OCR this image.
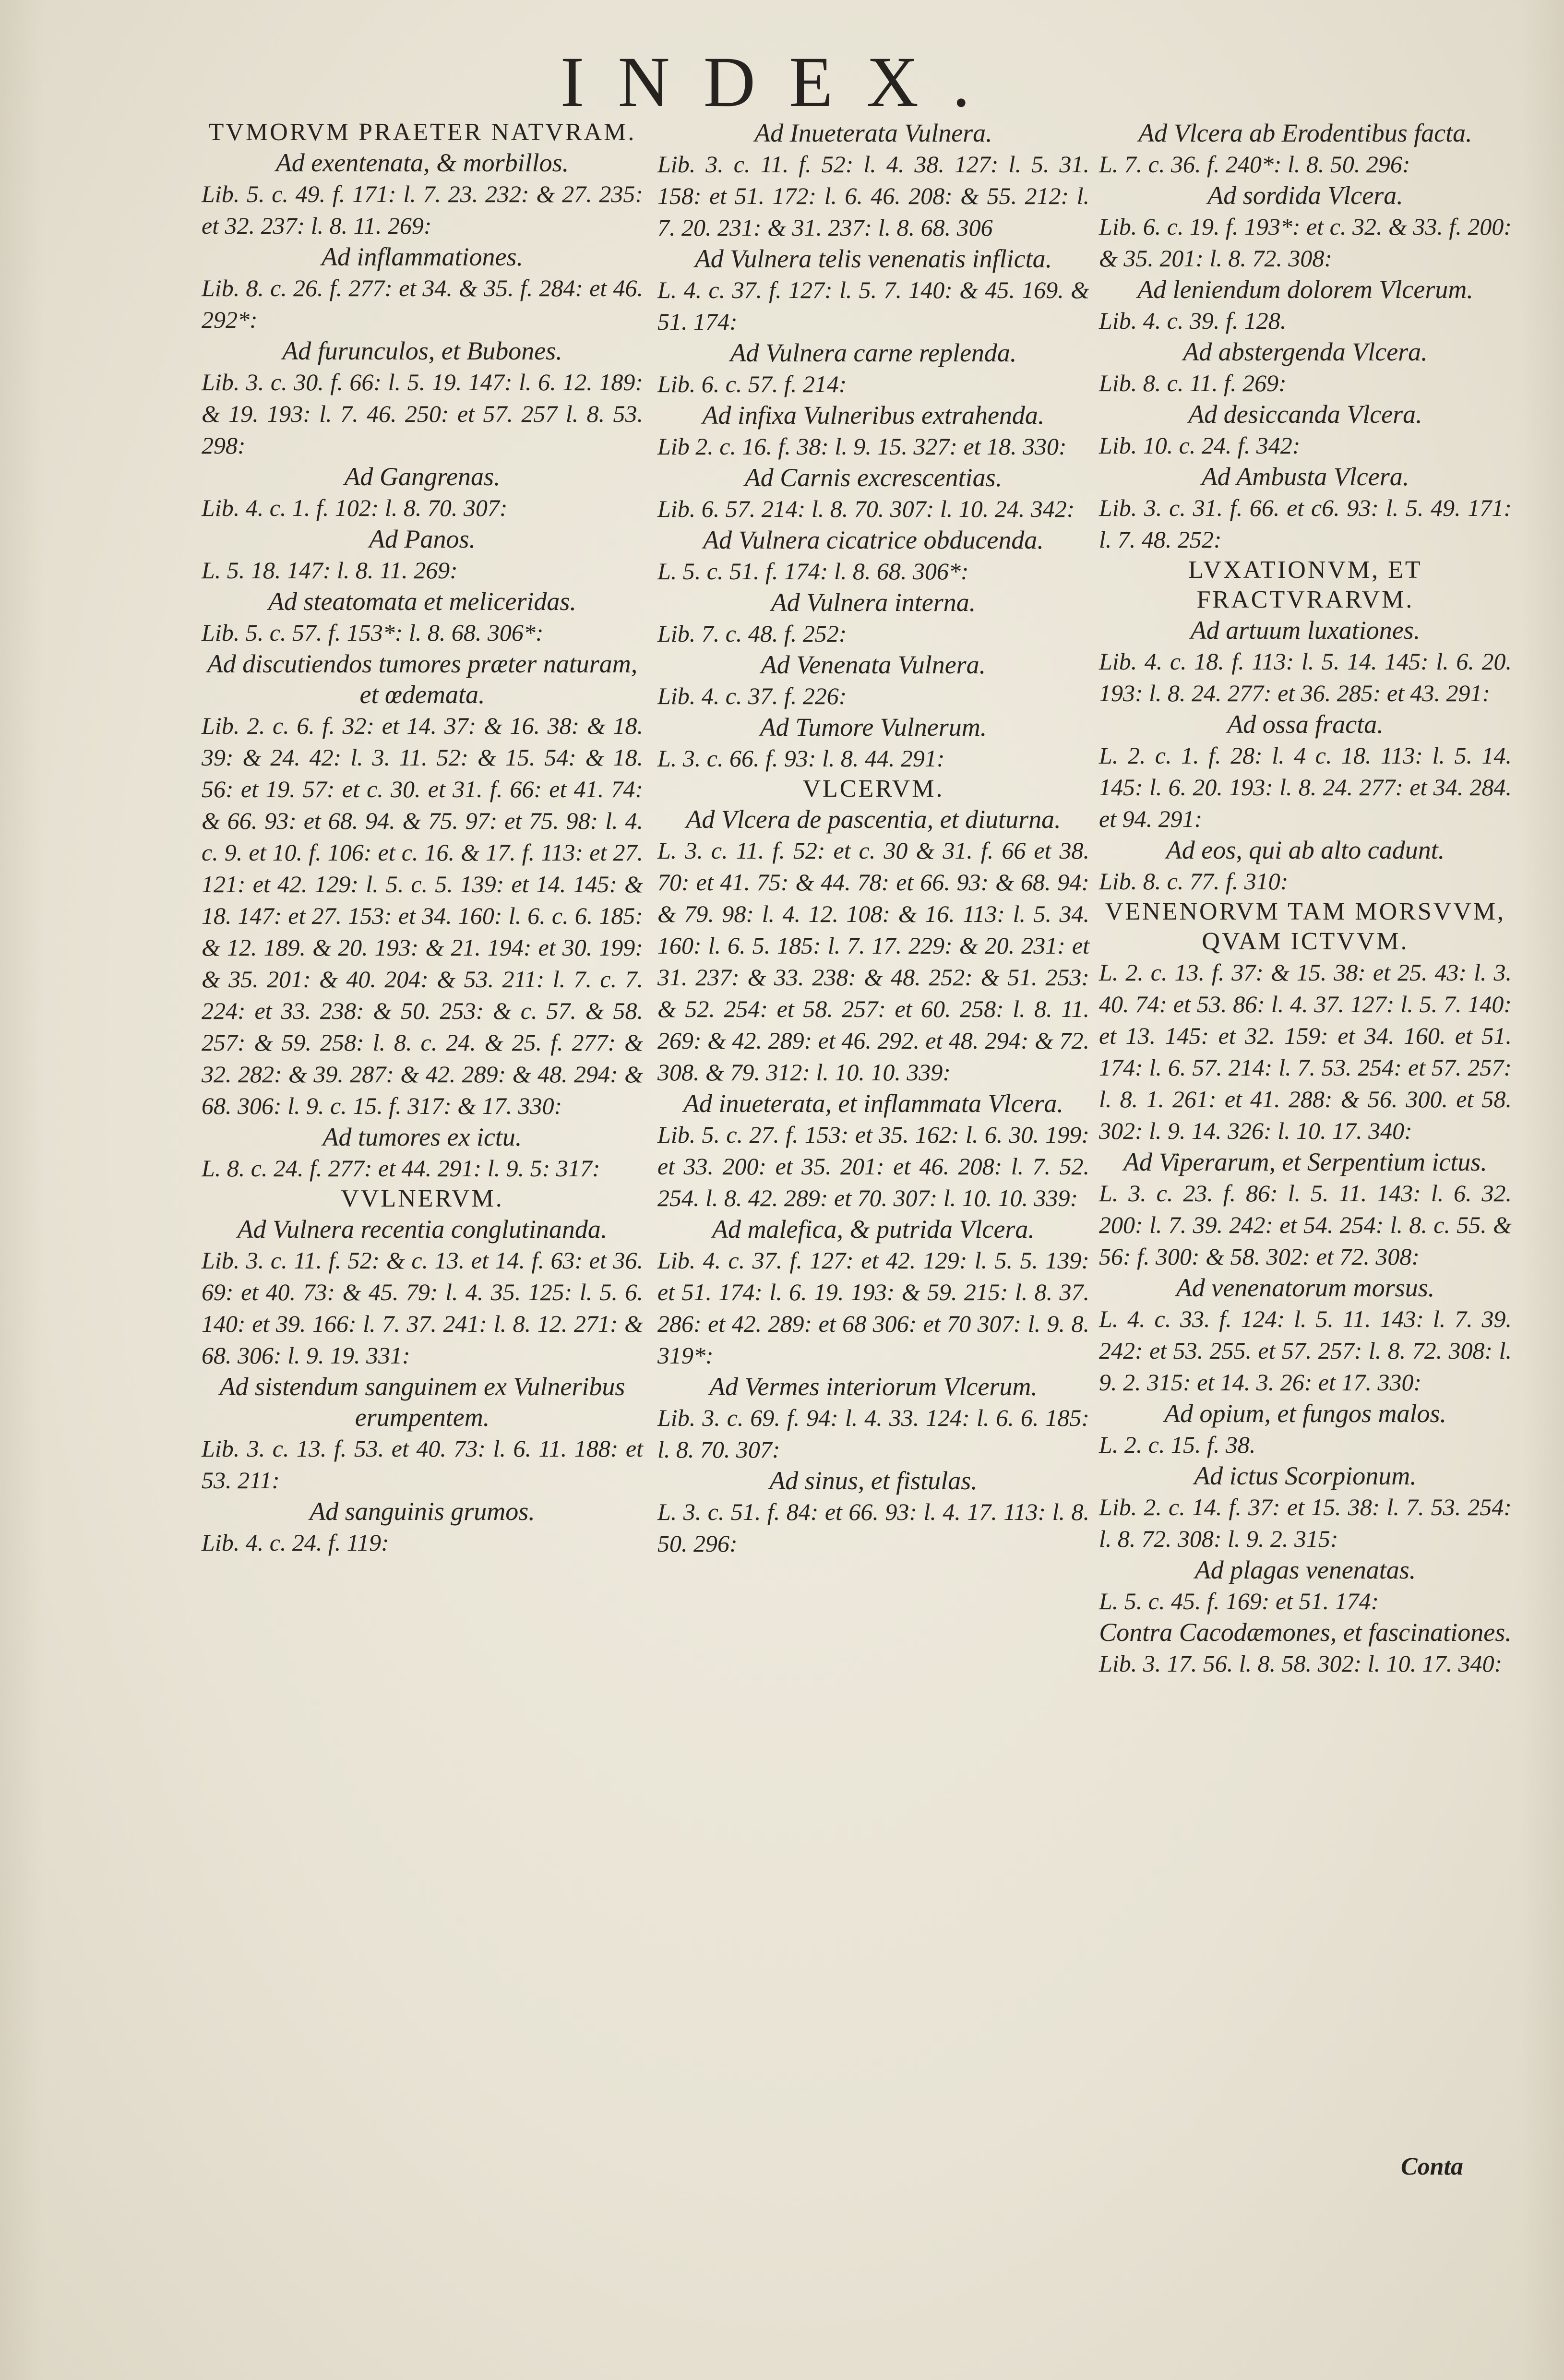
INDEX.

TVMORVM PRAETER NATVRAM.

Ad exentenata, & morbillos.

Lib. 5. c. 49. f. 171: l. 7. 23. 232: & 27. 235: et 32. 237: l. 8. 11. 269:

Ad inflammationes.

Lib. 8. c. 26. f. 277: et 34. & 35. f. 284: et 46. 292*:

Ad furunculos, et Bubones.

Lib. 3. c. 30. f. 66: l. 5. 19. 147: l. 6. 12. 189: & 19. 193: l. 7. 46. 250: et 57. 257 l. 8. 53. 298:

Ad Gangrenas.

Lib. 4. c. 1. f. 102: l. 8. 70. 307:

Ad Panos.

L. 5. 18. 147: l. 8. 11. 269:

Ad steatomata et meliceridas.

Lib. 5. c. 57. f. 153*: l. 8. 68. 306*:

Ad discutiendos tumores præter naturam, et œdemata.

Lib. 2. c. 6. f. 32: et 14. 37: & 16. 38: & 18. 39: & 24. 42: l. 3. 11. 52: & 15. 54: & 18. 56: et 19. 57: et c. 30. et 31. f. 66: et 41. 74: & 66. 93: et 68. 94. & 75. 97: et 75. 98: l. 4. c. 9. et 10. f. 106: et c. 16. & 17. f. 113: et 27. 121: et 42. 129: l. 5. c. 5. 139: et 14. 145: & 18. 147: et 27. 153: et 34. 160: l. 6. c. 6. 185: & 12. 189. & 20. 193: & 21. 194: et 30. 199: & 35. 201: & 40. 204: & 53. 211: l. 7. c. 7. 224: et 33. 238: & 50. 253: & c. 57. & 58. 257: & 59. 258: l. 8. c. 24. & 25. f. 277: & 32. 282: & 39. 287: & 42. 289: & 48. 294: & 68. 306: l. 9. c. 15. f. 317: & 17. 330:

Ad tumores ex ictu.

L. 8. c. 24. f. 277: et 44. 291: l. 9. 5: 317:

VVLNERVM.

Ad Vulnera recentia conglutinanda.

Lib. 3. c. 11. f. 52: & c. 13. et 14. f. 63: et 36. 69: et 40. 73: & 45. 79: l. 4. 35. 125: l. 5. 6. 140: et 39. 166: l. 7. 37. 241: l. 8. 12. 271: & 68. 306: l. 9. 19. 331:

Ad sistendum sanguinem ex Vulneribus erumpentem.

Lib. 3. c. 13. f. 53. et 40. 73: l. 6. 11. 188: et 53. 211:

Ad sanguinis grumos.

Lib. 4. c. 24. f. 119:

Ad Inueterata Vulnera.

Lib. 3. c. 11. f. 52: l. 4. 38. 127: l. 5. 31. 158: et 51. 172: l. 6. 46. 208: & 55. 212: l. 7. 20. 231: & 31. 237: l. 8. 68. 306

Ad Vulnera telis venenatis inflicta.

L. 4. c. 37. f. 127: l. 5. 7. 140: & 45. 169. & 51. 174:

Ad Vulnera carne replenda.

Lib. 6. c. 57. f. 214:

Ad infixa Vulneribus extrahenda.

Lib 2. c. 16. f. 38: l. 9. 15. 327: et 18. 330:

Ad Carnis excrescentias.

Lib. 6. 57. 214: l. 8. 70. 307: l. 10. 24. 342:

Ad Vulnera cicatrice obducenda.

L. 5. c. 51. f. 174: l. 8. 68. 306*:

Ad Vulnera interna.

Lib. 7. c. 48. f. 252:

Ad Venenata Vulnera.

Lib. 4. c. 37. f. 226:

Ad Tumore Vulnerum.

L. 3. c. 66. f. 93: l. 8. 44. 291:

VLCERVM.

Ad Vlcera de pascentia, et diuturna.

L. 3. c. 11. f. 52: et c. 30 & 31. f. 66 et 38. 70: et 41. 75: & 44. 78: et 66. 93: & 68. 94: & 79. 98: l. 4. 12. 108: & 16. 113: l. 5. 34. 160: l. 6. 5. 185: l. 7. 17. 229: & 20. 231: et 31. 237: & 33. 238: & 48. 252: & 51. 253: & 52. 254: et 58. 257: et 60. 258: l. 8. 11. 269: & 42. 289: et 46. 292. et 48. 294: & 72. 308. & 79. 312: l. 10. 10. 339:

Ad inueterata, et inflammata Vlcera.

Lib. 5. c. 27. f. 153: et 35. 162: l. 6. 30. 199: et 33. 200: et 35. 201: et 46. 208: l. 7. 52. 254. l. 8. 42. 289: et 70. 307: l. 10. 10. 339:

Ad malefica, & putrida Vlcera.

Lib. 4. c. 37. f. 127: et 42. 129: l. 5. 5. 139: et 51. 174: l. 6. 19. 193: & 59. 215: l. 8. 37. 286: et 42. 289: et 68 306: et 70 307: l. 9. 8. 319*:

Ad Vermes interiorum Vlcerum.

Lib. 3. c. 69. f. 94: l. 4. 33. 124: l. 6. 6. 185: l. 8. 70. 307:

Ad sinus, et fistulas.

L. 3. c. 51. f. 84: et 66. 93: l. 4. 17. 113: l. 8. 50. 296:

Ad Vlcera ab Erodentibus facta.

L. 7. c. 36. f. 240*: l. 8. 50. 296:

Ad sordida Vlcera.

Lib. 6. c. 19. f. 193*: et c. 32. & 33. f. 200: & 35. 201: l. 8. 72. 308:

Ad leniendum dolorem Vlcerum.

Lib. 4. c. 39. f. 128.

Ad abstergenda Vlcera.

Lib. 8. c. 11. f. 269:

Ad desiccanda Vlcera.

Lib. 10. c. 24. f. 342:

Ad Ambusta Vlcera.

Lib. 3. c. 31. f. 66. et c6. 93: l. 5. 49. 171: l. 7. 48. 252:

LVXATIONVM, ET FRACTVRARVM.

Ad artuum luxationes.

Lib. 4. c. 18. f. 113: l. 5. 14. 145: l. 6. 20. 193: l. 8. 24. 277: et 36. 285: et 43. 291:

Ad ossa fracta.

L. 2. c. 1. f. 28: l. 4 c. 18. 113: l. 5. 14. 145: l. 6. 20. 193: l. 8. 24. 277: et 34. 284. et 94. 291:

Ad eos, qui ab alto cadunt.

Lib. 8. c. 77. f. 310:

VENENORVM TAM MORSVVM, QVAM ICTVVM.

L. 2. c. 13. f. 37: & 15. 38: et 25. 43: l. 3. 40. 74: et 53. 86: l. 4. 37. 127: l. 5. 7. 140: et 13. 145: et 32. 159: et 34. 160. et 51. 174: l. 6. 57. 214: l. 7. 53. 254: et 57. 257: l. 8. 1. 261: et 41. 288: & 56. 300. et 58. 302: l. 9. 14. 326: l. 10. 17. 340:

Ad Viperarum, et Serpentium ictus.

L. 3. c. 23. f. 86: l. 5. 11. 143: l. 6. 32. 200: l. 7. 39. 242: et 54. 254: l. 8. c. 55. & 56: f. 300: & 58. 302: et 72. 308:

Ad venenatorum morsus.

L. 4. c. 33. f. 124: l. 5. 11. 143: l. 7. 39. 242: et 53. 255. et 57. 257: l. 8. 72. 308: l. 9. 2. 315: et 14. 3. 26: et 17. 330:

Ad opium, et fungos malos.

L. 2. c. 15. f. 38.

Ad ictus Scorpionum.

Lib. 2. c. 14. f. 37: et 15. 38: l. 7. 53. 254: l. 8. 72. 308: l. 9. 2. 315:

Ad plagas venenatas.

L. 5. c. 45. f. 169: et 51. 174:

Contra Cacodæmones, et fascinationes.

Lib. 3. 17. 56. l. 8. 58. 302: l. 10. 17. 340:

Conta
